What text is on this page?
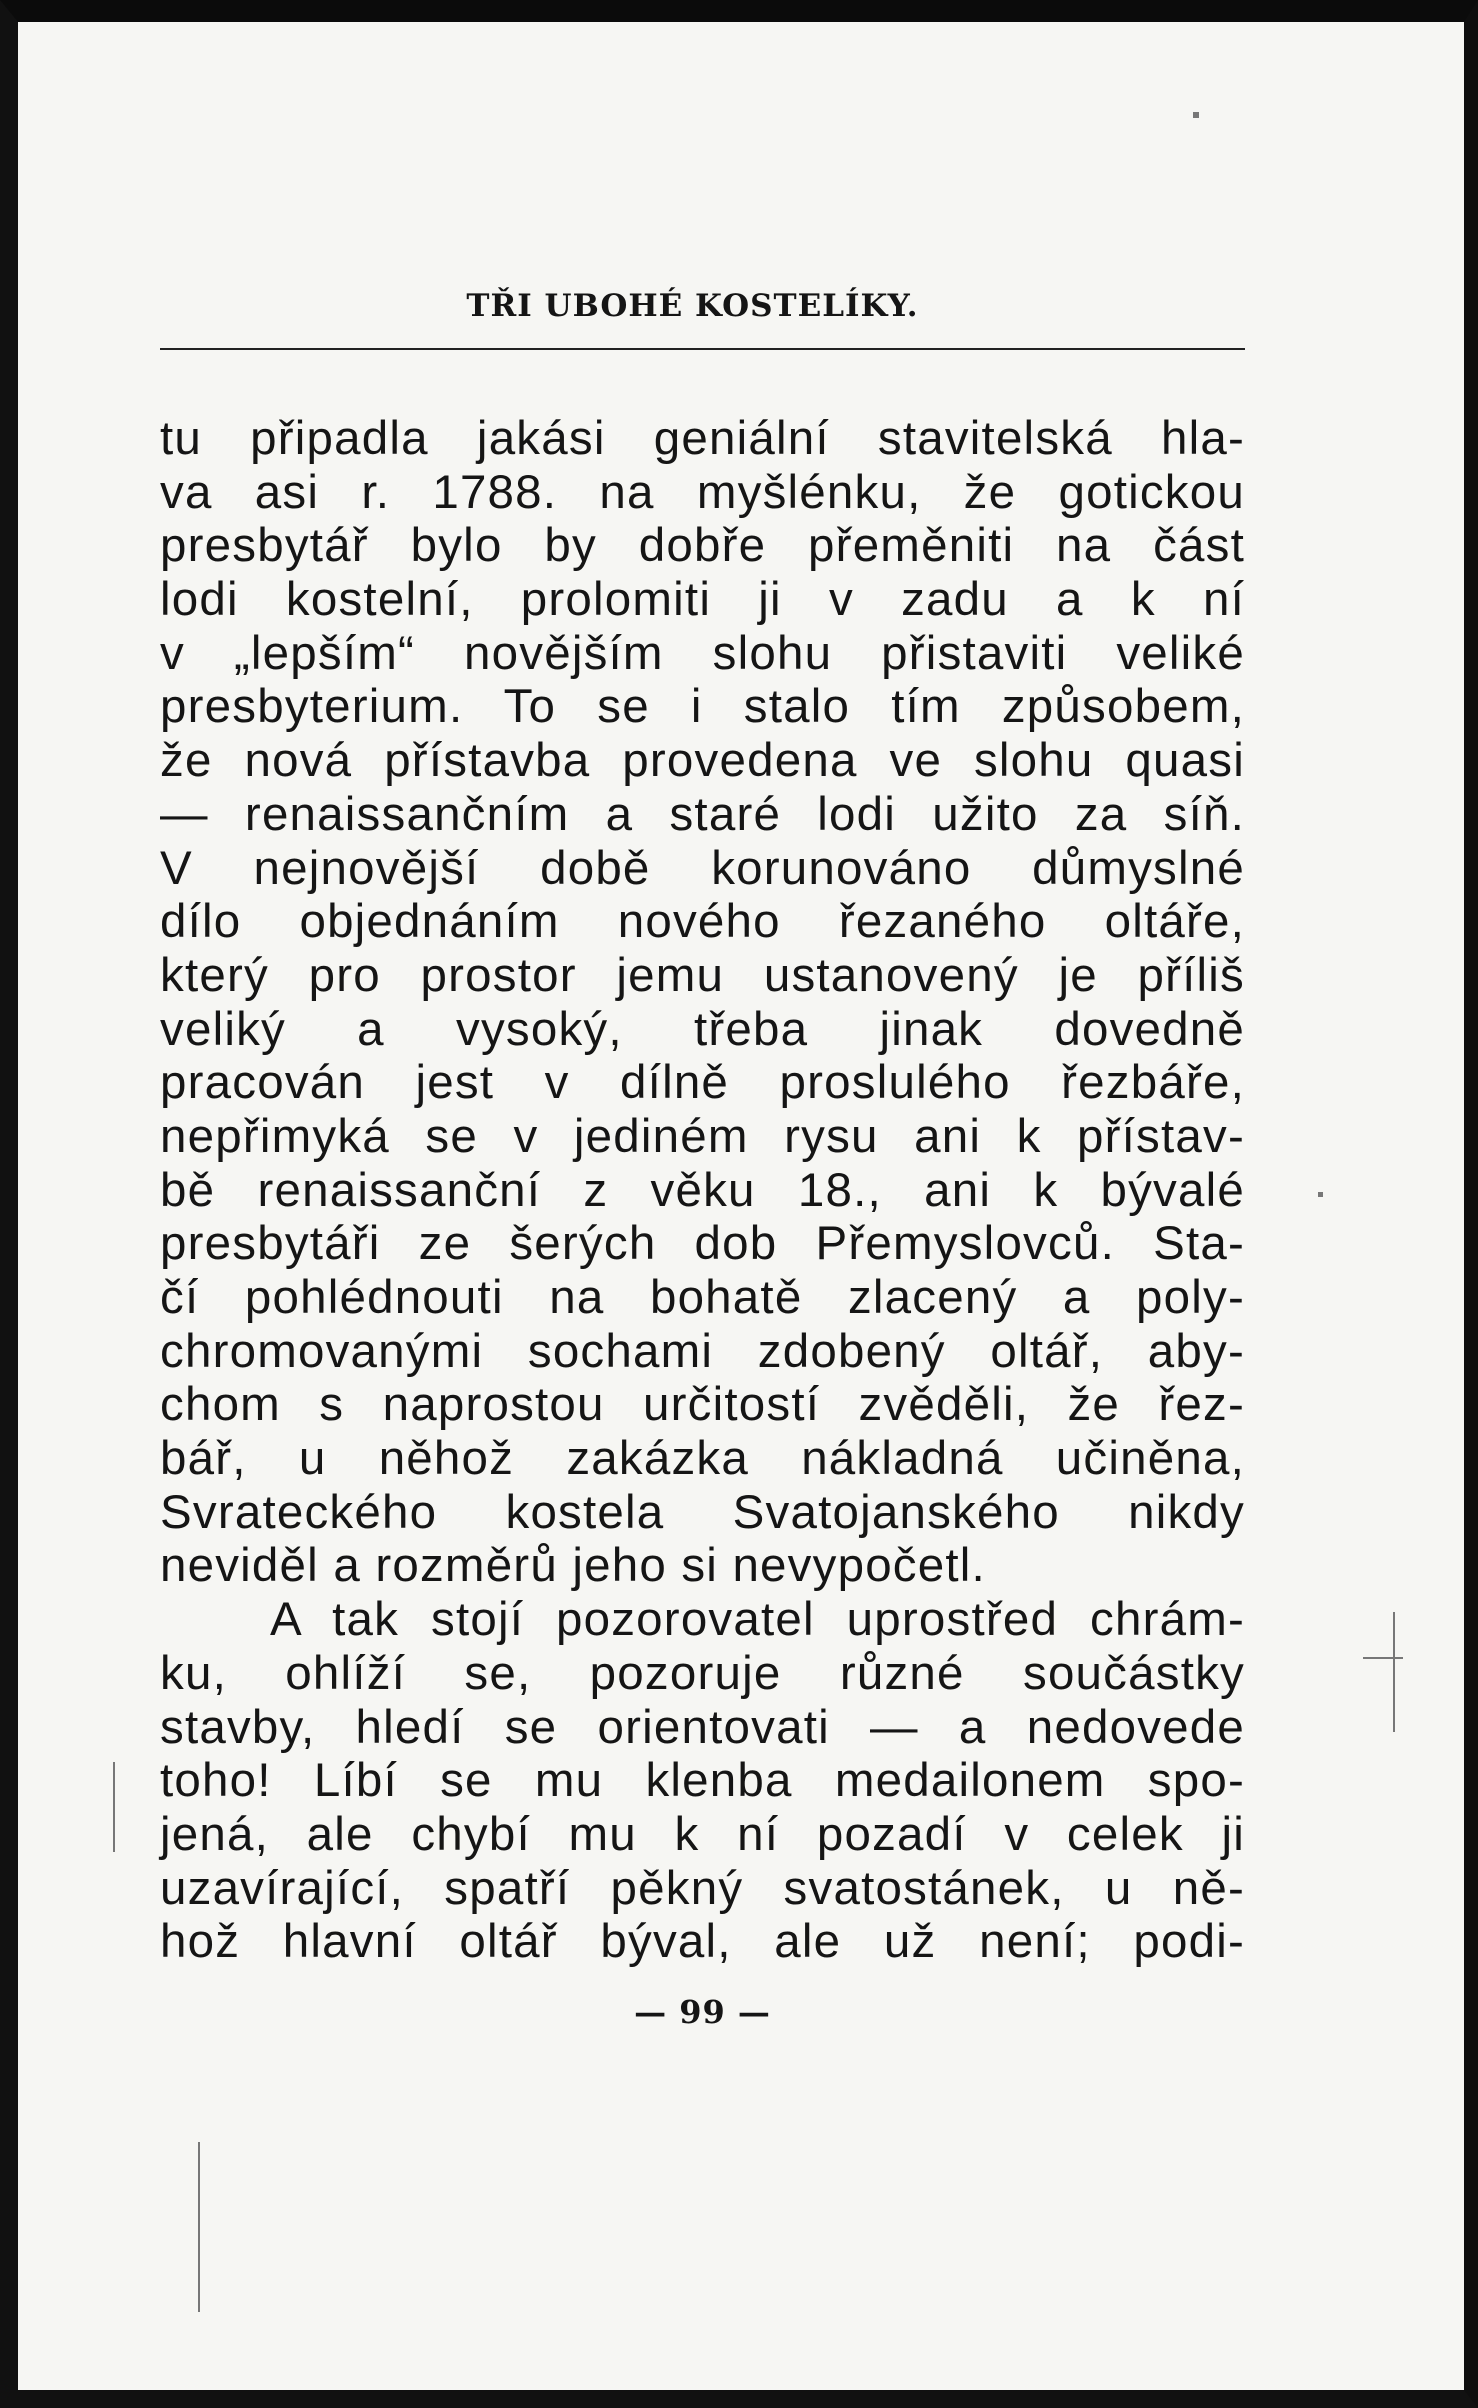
TŘI UBOHÉ KOSTELÍKY.
tu připadla jakási geniální stavitelská hla-
va asi r. 1788. na myšlénku, že gotickou
presbytář bylo by dobře přeměniti na část
lodi kostelní, prolomiti ji v zadu a k ní
v „lepším“ novějším slohu přistaviti veliké
presbyterium. To se i stalo tím způsobem,
že nová přístavba provedena ve slohu quasi
— renaissančním a staré lodi užito za síň.
V nejnovější době korunováno důmyslné
dílo objednáním nového řezaného oltáře,
který pro prostor jemu ustanovený je příliš
veliký a vysoký, třeba jinak dovedně
pracován jest v dílně proslulého řezbáře,
nepřimyká se v jediném rysu ani k přístav-
bě renaissanční z věku 18., ani k bývalé
presbytáři ze šerých dob Přemyslovců. Sta-
čí pohlédnouti na bohatě zlacený a poly-
chromovanými sochami zdobený oltář, aby-
chom s naprostou určitostí zvěděli, že řez-
bář, u něhož zakázka nákladná učiněna,
Svrateckého kostela Svatojanského nikdy
neviděl a rozměrů jeho si nevypočetl.
A tak stojí pozorovatel uprostřed chrám-
ku, ohlíží se, pozoruje různé součástky
stavby, hledí se orientovati — a nedovede
toho! Líbí se mu klenba medailonem spo-
jená, ale chybí mu k ní pozadí v celek ji
uzavírající, spatří pěkný svatostánek, u ně-
hož hlavní oltář býval, ale už není; podi-
— 99 —
